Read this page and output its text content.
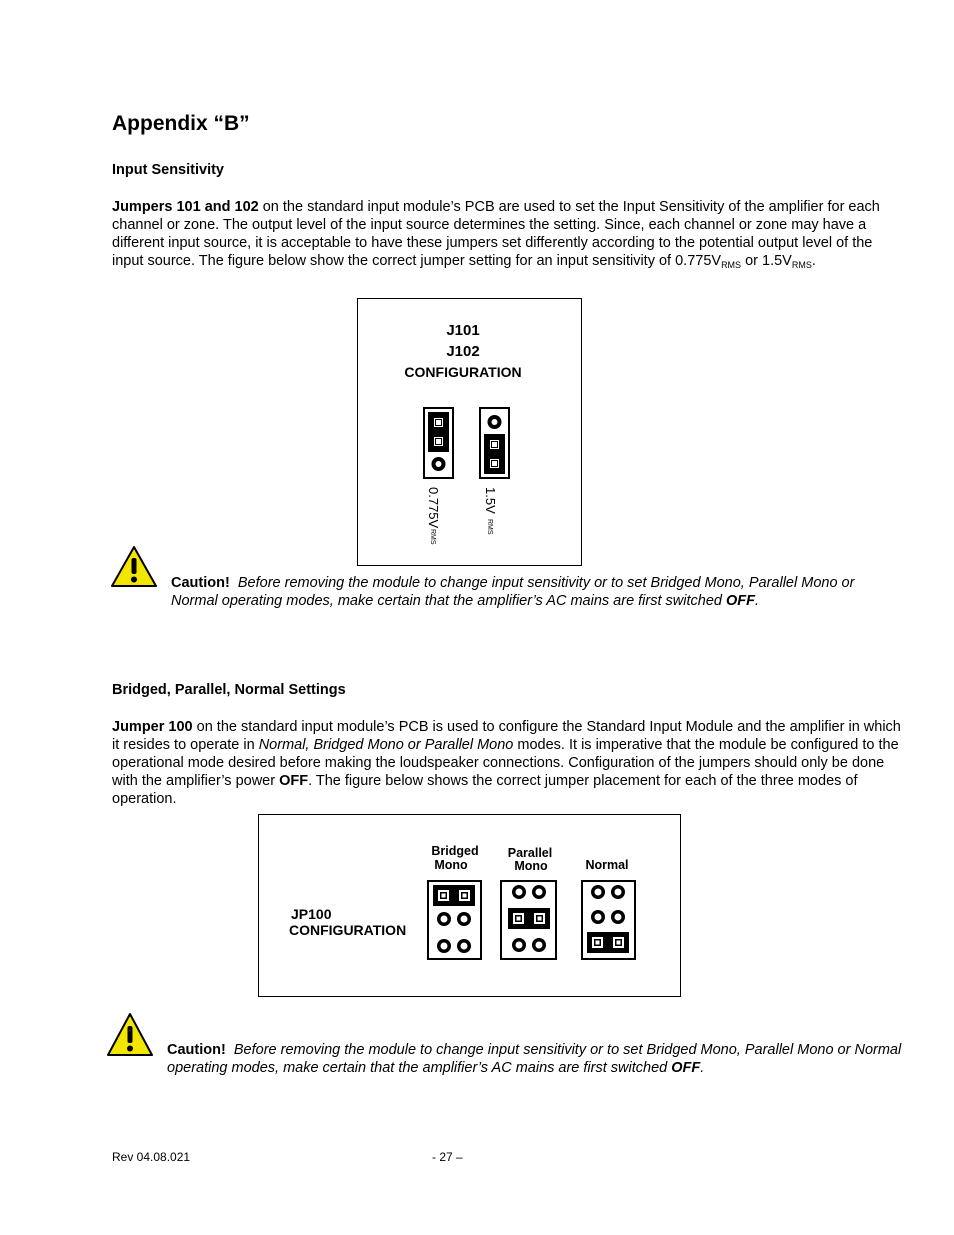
Appendix “B”
Input Sensitivity

Jumpers 101 and 102 on the standard input module’s PCB are used to set the Input Sensitivity of the amplifier for each channel or zone. The output level of the input source determines the setting. Since, each channel or zone may have a different input source, it is acceptable to have these jumpers set differently according to the potential output level of the input source. The figure below show the correct jumper setting for an input sensitivity of $0.775V_{RMS}$ or $1.5V_{RMS}$.

J101
J102
CONFIGURATION
0.775V
RMS
1.5V
RMS

Caution! Before removing the module to change input sensitivity or to set Bridged Mono, Parallel Mono or Normal operating modes, make certain that the amplifier’s AC mains are first switched OFF.

Bridged, Parallel, Normal Settings

Jumper 100 on the standard input module’s PCB is used to configure the Standard Input Module and the amplifier in which it resides to operate in Normal, Bridged Mono or Parallel Mono modes. It is imperative that the module be configured to the operational mode desired before making the loudspeaker connections. Configuration of the jumpers should only be done with the amplifier’s power OFF. The figure below shows the correct jumper placement for each of the three modes of operation.

Bridged
Mono
Parallel
Mono	Normal
JP100
CONFIGURATION

Caution! Before removing the module to change input sensitivity or to set Bridged Mono, Parallel Mono or Normal operating modes, make certain that the amplifier’s AC mains are first switched OFF.

Rev 04.08.021	- 27 –
